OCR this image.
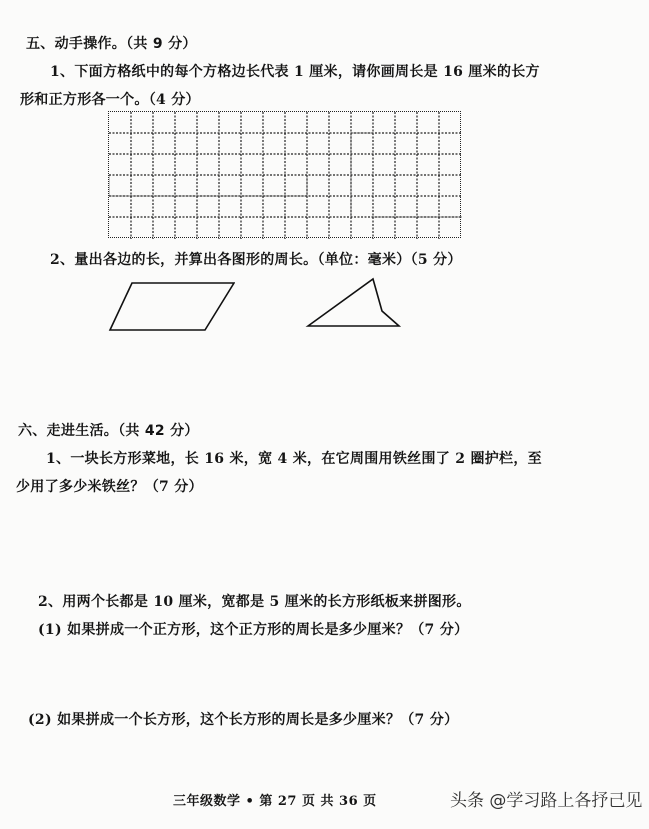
五、动手操作。（共 9 分）
1、下面方格纸中的每个方格边长代表 1 厘米，请你画周长是 16 厘米的长方
形和正方形各一个。（4 分）
2、量出各边的长，并算出各图形的周长。（单位：毫米）（5 分）
六、走进生活。（共 42 分）
1、一块长方形菜地，长 16 米，宽 4 米，在它周围用铁丝围了 2 圈护栏，至
少用了多少米铁丝？（7 分）
2、用两个长都是 10 厘米，宽都是 5 厘米的长方形纸板来拼图形。
(1) 如果拼成一个正方形，这个正方形的周长是多少厘米？（7 分）
(2) 如果拼成一个长方形，这个长方形的周长是多少厘米？（7 分）
三年级数学 • 第 27 页 共 36 页	头条 @学习路上各抒己见
